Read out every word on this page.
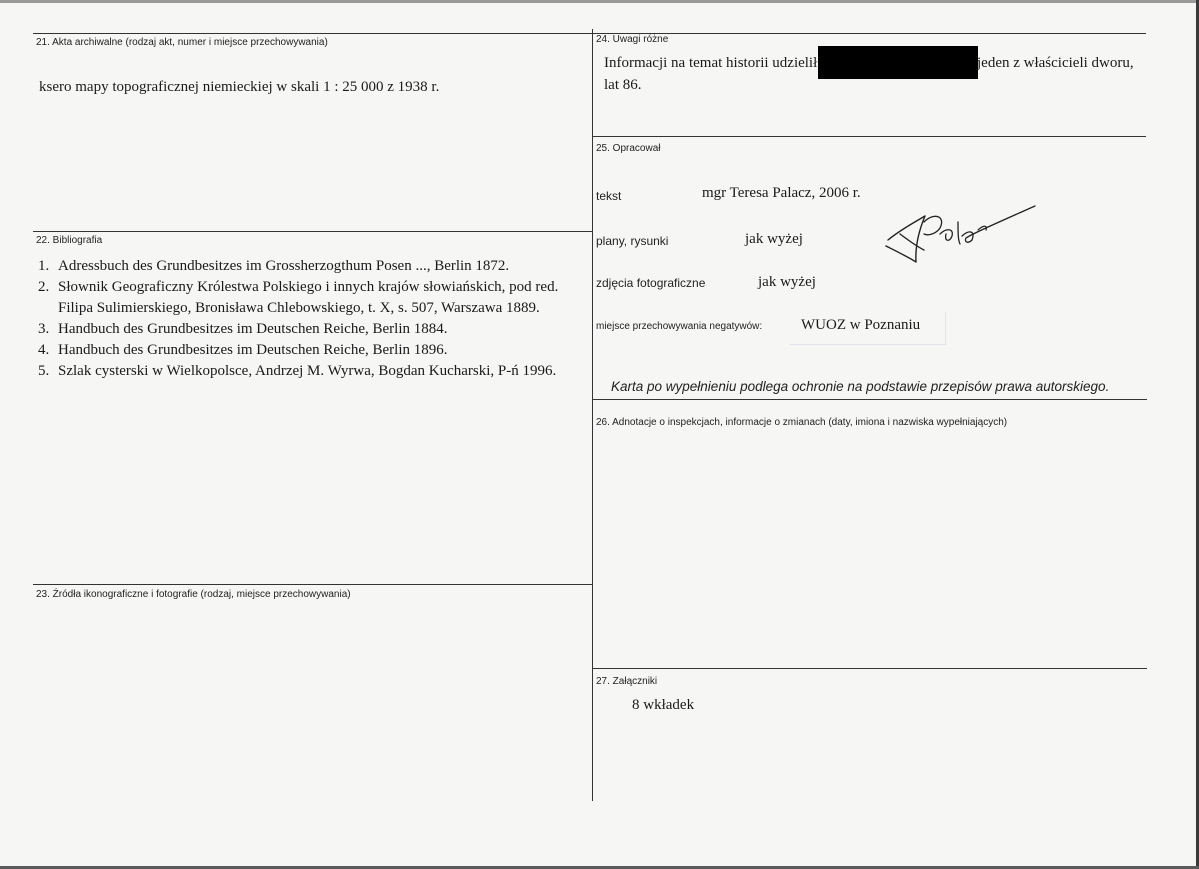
21. Akta archiwalne (rodzaj akt, numer i miejsce przechowywania)
ksero mapy topograficznej niemieckiej w skali 1 : 25 000 z 1938 r.
22. Bibliografia
1. Adressbuch des Grundbesitzes im Grossherzogthum Posen ..., Berlin 1872.
2. Słownik Geograficzny Królestwa Polskiego i innych krajów słowiańskich, pod red.
Filipa Sulimierskiego, Bronisława Chlebowskiego, t. X, s. 507, Warszawa 1889.
3. Handbuch des Grundbesitzes im Deutschen Reiche, Berlin 1884.
4. Handbuch des Grundbesitzes im Deutschen Reiche, Berlin 1896.
5. Szlak cysterski w Wielkopolsce, Andrzej M. Wyrwa, Bogdan Kucharski, P-ń 1996.
23. Źródła ikonograficzne i fotografie (rodzaj, miejsce przechowywania)
24. Uwagi różne
Informacji na temat historii udzielił	jeden z właścicieli dworu,
lat 86.
25. Opracował
tekst	mgr Teresa Palacz, 2006 r.
plany, rysunki	jak wyżej
zdjęcia fotograficzne	jak wyżej
miejsce przechowywania negatywów:	WUOZ w Poznaniu
Karta po wypełnieniu podlega ochronie na podstawie przepisów prawa autorskiego.
26. Adnotacje o inspekcjach, informacje o zmianach (daty, imiona i nazwiska wypełniających)
27. Załączniki
8 wkładek
